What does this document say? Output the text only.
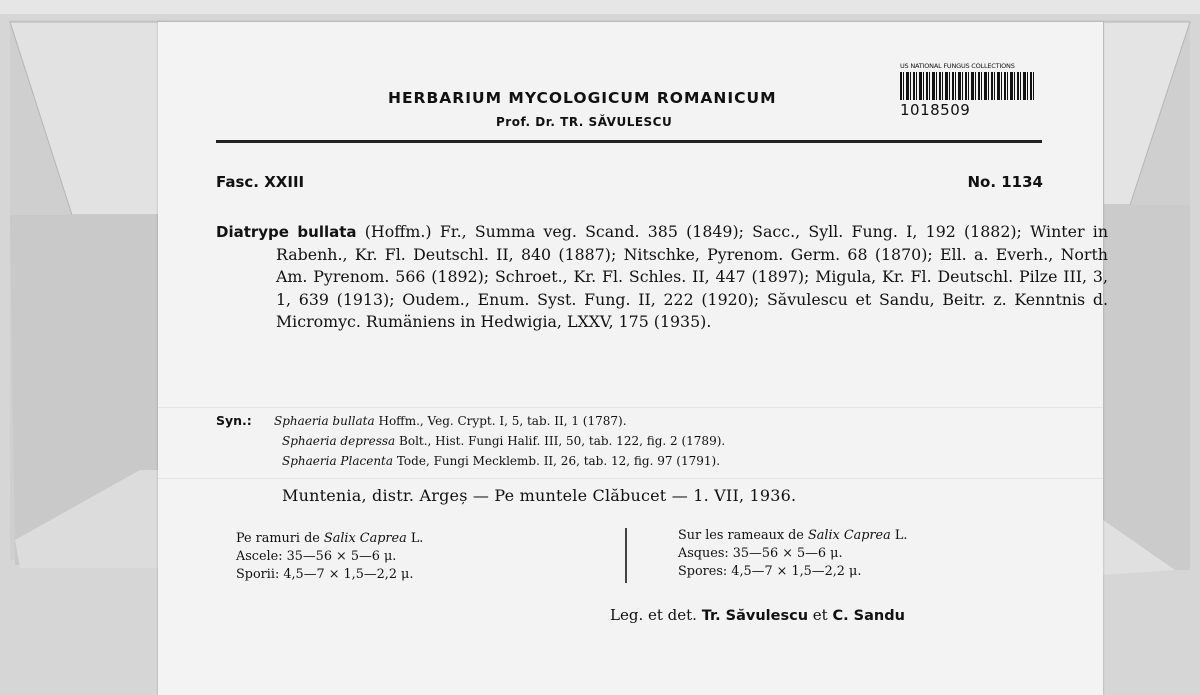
HERBARIUM MYCOLOGICUM ROMANICUM
Prof. Dr. TR. SĂVULESCU
US NATIONAL FUNGUS COLLECTIONS
1018509
Fasc. XXIII	No. 1134
Diatrype bullata (Hoffm.) Fr., Summa veg. Scand. 385 (1849); Sacc., Syll. Fung. I, 192 (1882); Winter in Rabenh., Kr. Fl. Deutschl. II, 840 (1887); Nitschke, Pyrenom. Germ. 68 (1870); Ell. a. Everh., North Am. Pyrenom. 566 (1892); Schroet., Kr. Fl. Schles. II, 447 (1897); Migula, Kr. Fl. Deutschl. Pilze III, 3, 1, 639 (1913); Oudem., Enum. Syst. Fung. II, 222 (1920); Săvulescu et Sandu, Beitr. z. Kenntnis d. Micromyc. Rumäniens in Hedwigia, LXXV, 175 (1935).
Syn.: Sphaeria bullata Hoffm., Veg. Crypt. I, 5, tab. II, 1 (1787).
Sphaeria depressa Bolt., Hist. Fungi Halif. III, 50, tab. 122, fig. 2 (1789).
Sphaeria Placenta Tode, Fungi Mecklemb. II, 26, tab. 12, fig. 97 (1791).
Muntenia, distr. Argeș — Pe muntele Clăbucet — 1. VII, 1936.
Pe ramuri de Salix Caprea L.
Ascele: 35—56 × 5—6 μ.
Sporii: 4,5—7 × 1,5—2,2 μ.
Sur les rameaux de Salix Caprea L.
Asques: 35—56 × 5—6 μ.
Spores: 4,5—7 × 1,5—2,2 μ.
Leg. et det. Tr. Săvulescu et C. Sandu
